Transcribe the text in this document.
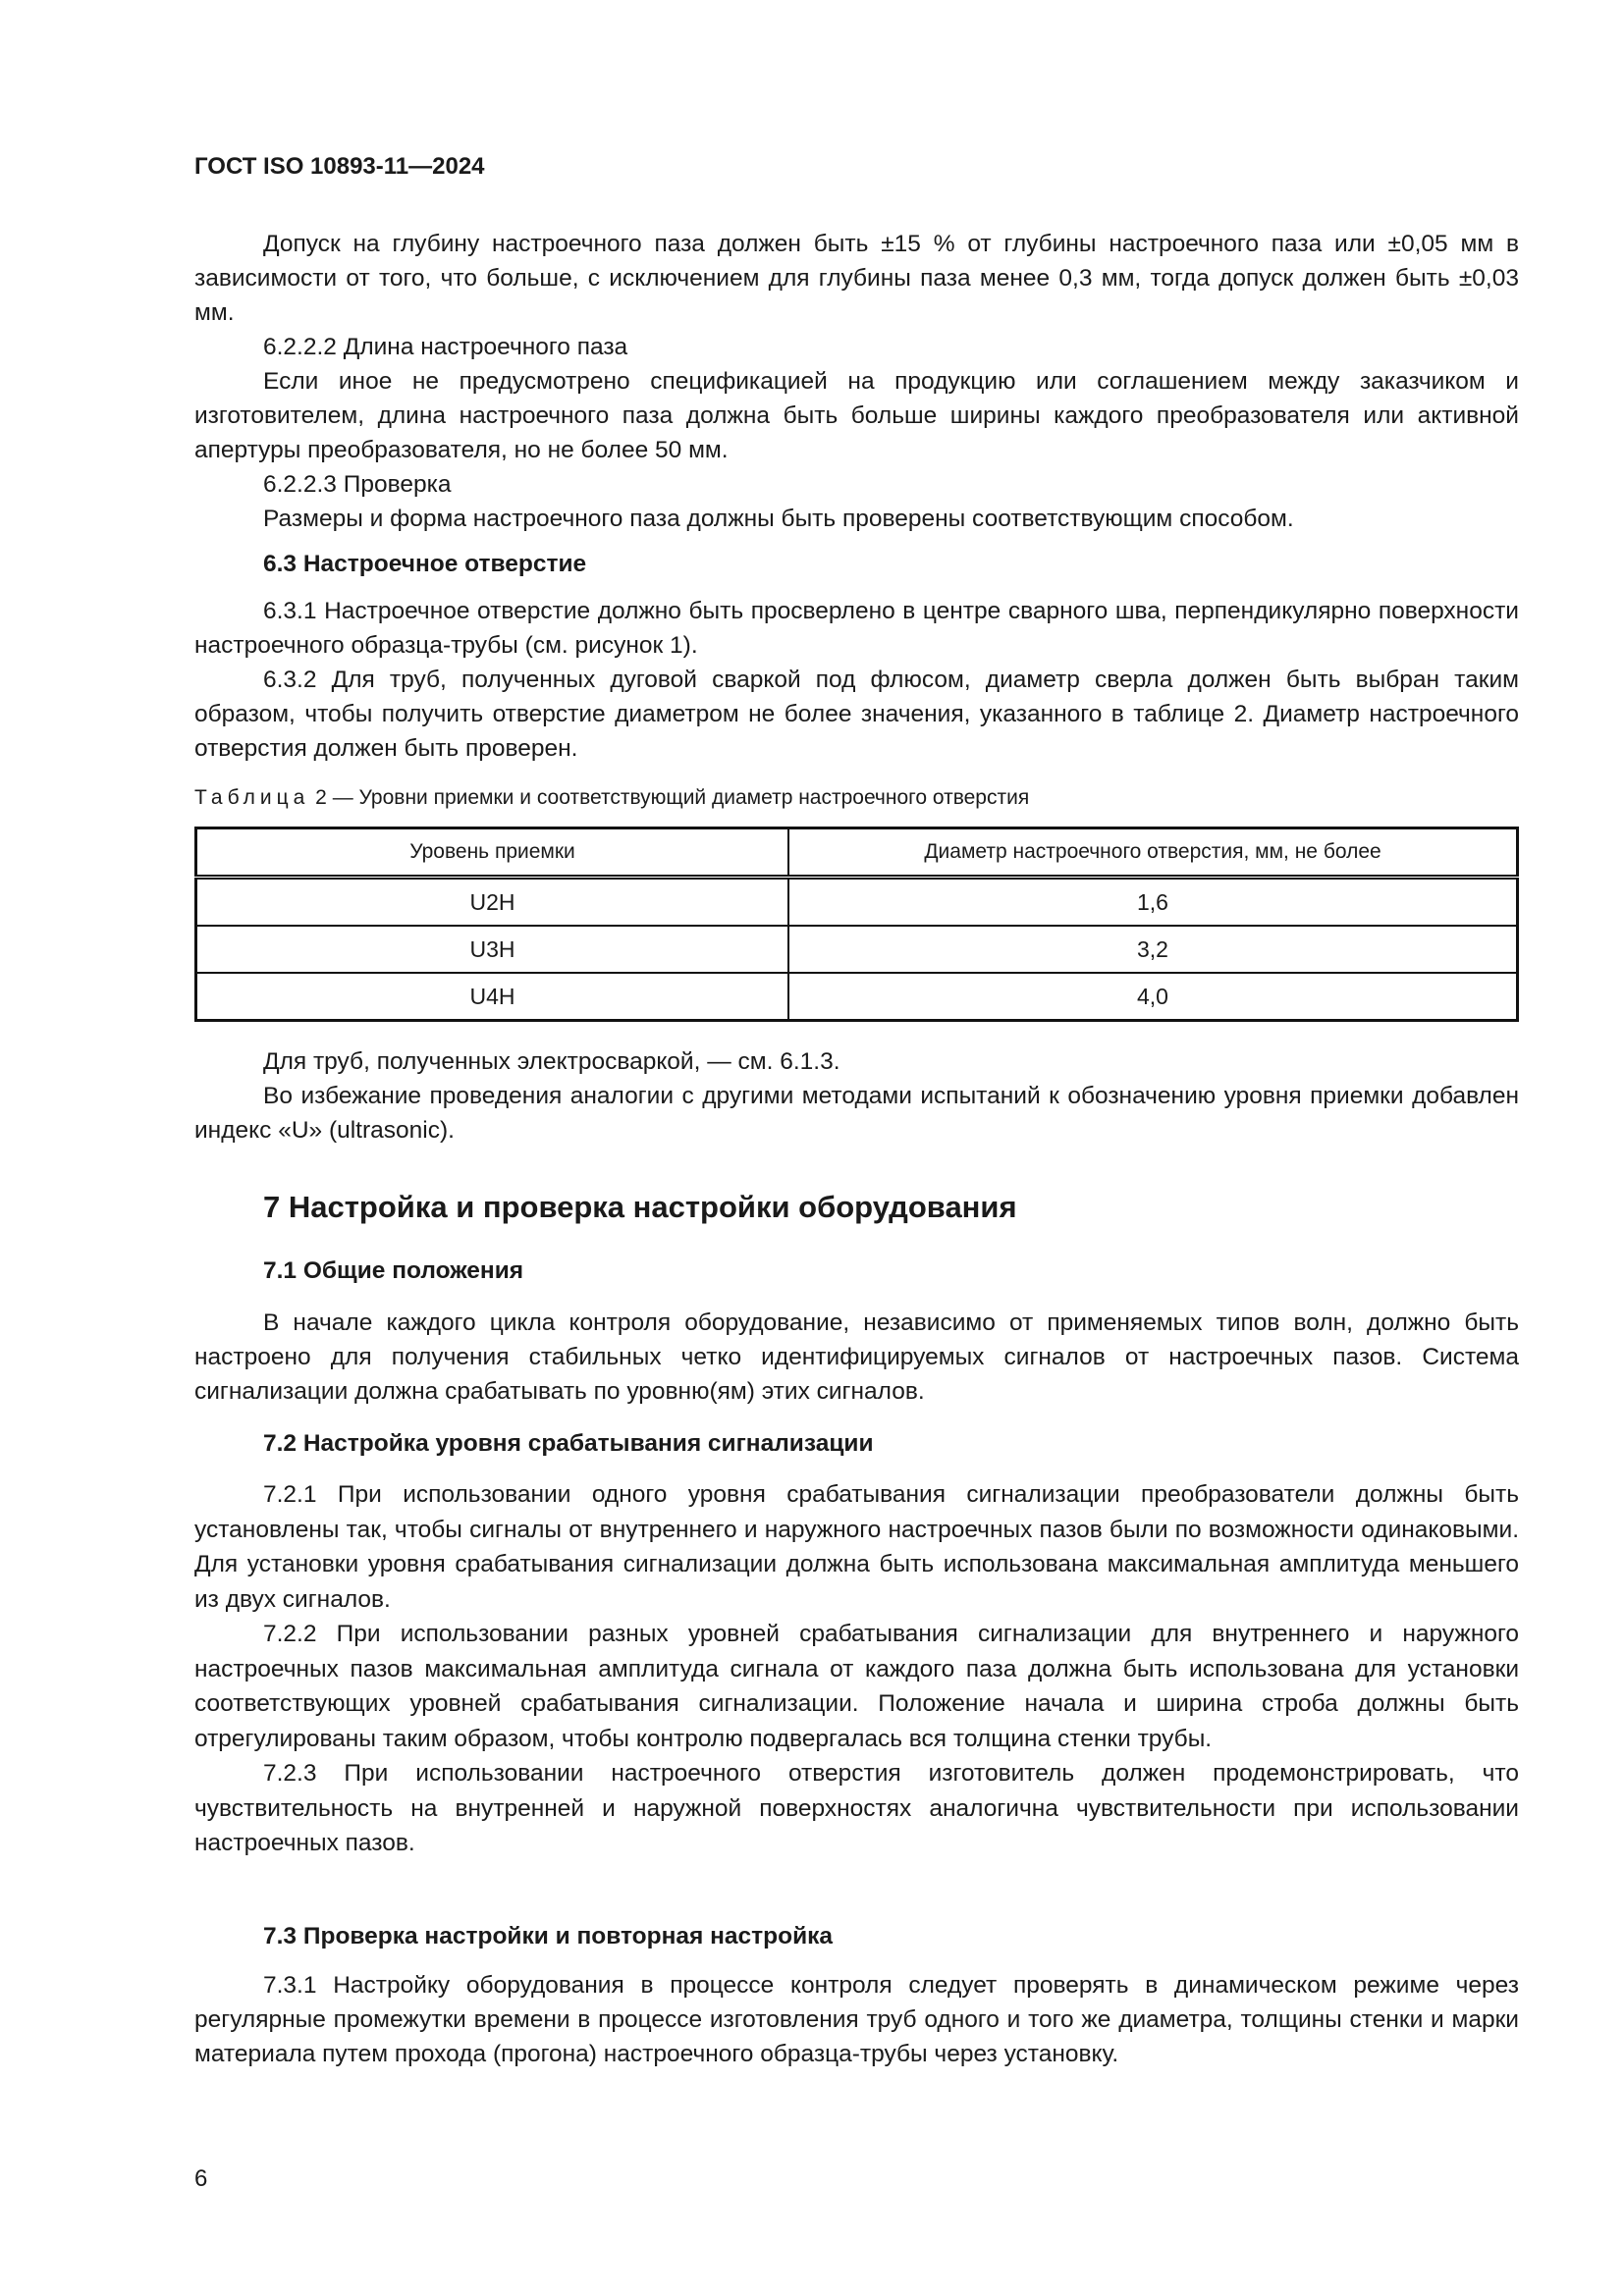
ГОСТ ISO 10893-11—2024

Допуск на глубину настроечного паза должен быть ±15 % от глубины настроечного паза или ±0,05 мм в зависимости от того, что больше, с исключением для глубины паза менее 0,3 мм, тогда допуск должен быть ±0,03 мм.

6.2.2.2 Длина настроечного паза

Если иное не предусмотрено спецификацией на продукцию или соглашением между заказчиком и изготовителем, длина настроечного паза должна быть больше ширины каждого преобразователя или активной апертуры преобразователя, но не более 50 мм.

6.2.2.3 Проверка

Размеры и форма настроечного паза должны быть проверены соответствующим способом.

6.3 Настроечное отверстие

6.3.1 Настроечное отверстие должно быть просверлено в центре сварного шва, перпендикулярно поверхности настроечного образца-трубы (см. рисунок 1).

6.3.2 Для труб, полученных дуговой сваркой под флюсом, диаметр сверла должен быть выбран таким образом, чтобы получить отверстие диаметром не более значения, указанного в таблице 2. Диаметр настроечного отверстия должен быть проверен.

Таблица 2 — Уровни приемки и соответствующий диаметр настроечного отверстия
Уровень приемки	Диаметр настроечного отверстия, мм, не более
U2H	1,6
U3H	3,2
U4H	4,0

Для труб, полученных электросваркой, — см. 6.1.3.

Во избежание проведения аналогии с другими методами испытаний к обозначению уровня приемки добавлен индекс «U» (ultrasonic).

7 Настройка и проверка настройки оборудования
7.1 Общие положения

В начале каждого цикла контроля оборудование, независимо от применяемых типов волн, должно быть настроено для получения стабильных четко идентифицируемых сигналов от настроечных пазов. Система сигнализации должна срабатывать по уровню(ям) этих сигналов.

7.2 Настройка уровня срабатывания сигнализации

7.2.1 При использовании одного уровня срабатывания сигнализации преобразователи должны быть установлены так, чтобы сигналы от внутреннего и наружного настроечных пазов были по возможности одинаковыми. Для установки уровня срабатывания сигнализации должна быть использована максимальная амплитуда меньшего из двух сигналов.

7.2.2 При использовании разных уровней срабатывания сигнализации для внутреннего и наружного настроечных пазов максимальная амплитуда сигнала от каждого паза должна быть использована для установки соответствующих уровней срабатывания сигнализации. Положение начала и ширина строба должны быть отрегулированы таким образом, чтобы контролю подвергалась вся толщина стенки трубы.

7.2.3 При использовании настроечного отверстия изготовитель должен продемонстрировать, что чувствительность на внутренней и наружной поверхностях аналогична чувствительности при использовании настроечных пазов.

7.3 Проверка настройки и повторная настройка

7.3.1 Настройку оборудования в процессе контроля следует проверять в динамическом режиме через регулярные промежутки времени в процессе изготовления труб одного и того же диаметра, толщины стенки и марки материала путем прохода (прогона) настроечного образца-трубы через установку.

6
